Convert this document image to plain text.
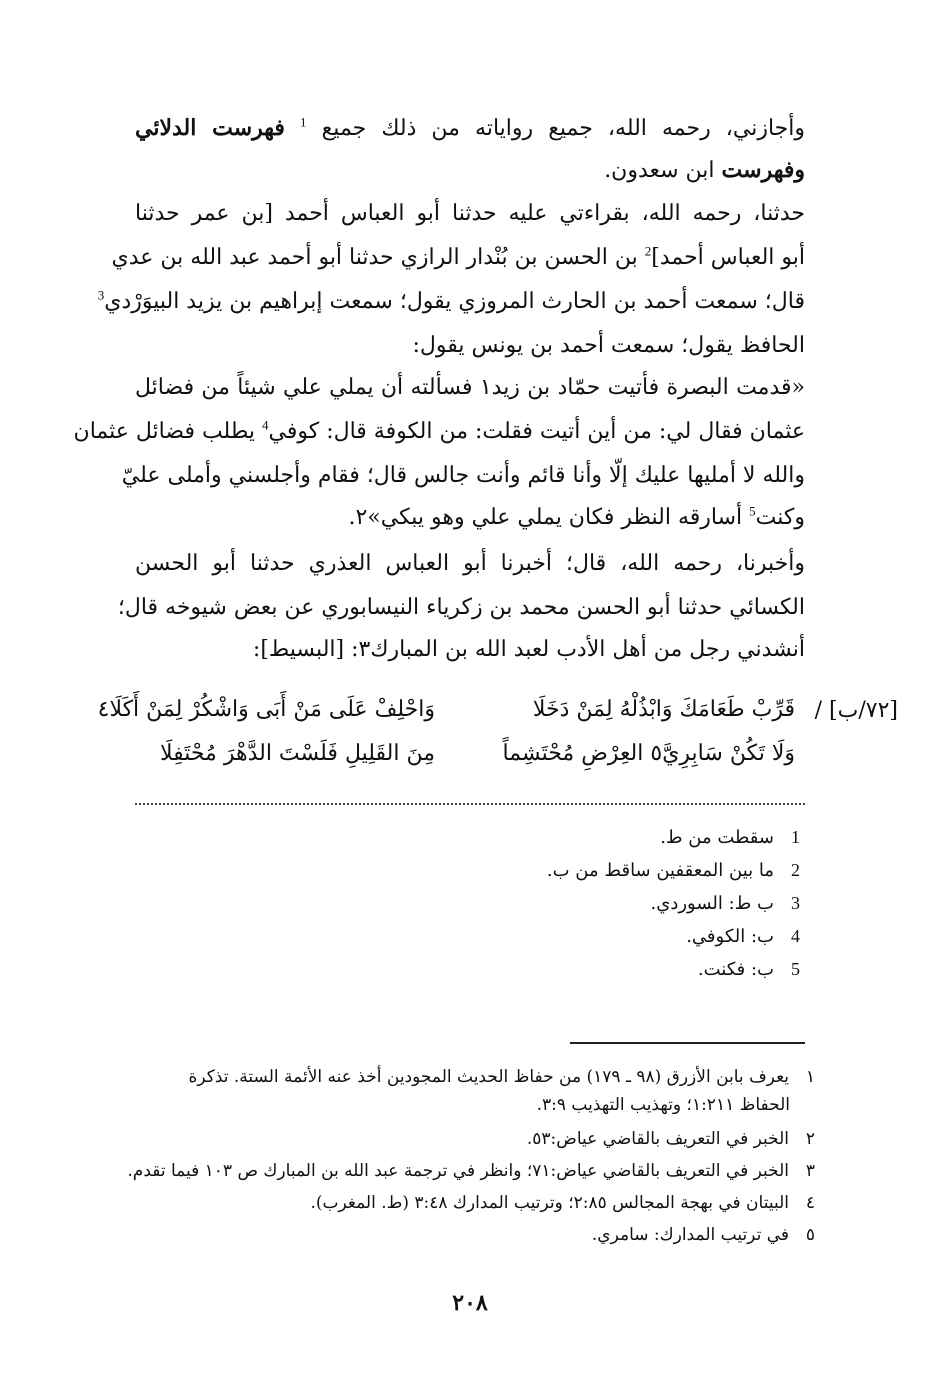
وأجازني، رحمه الله، جميع رواياته من ذلك جميع $^1$ فهرست الدلائي
وفهرست ابن سعدون.
حدثنا، رحمه الله، بقراءتي عليه حدثنا أبو العباس أحمد [بن عمر حدثنا
أبو العباس أحمد]$^2$ بن الحسن بن بُنْدار الرازي حدثنا أبو أحمد عبد الله بن عدي
قال؛ سمعت أحمد بن الحارث المروزي يقول؛ سمعت إبراهيم بن يزيد البيوَرْدي$^3$
الحافظ يقول؛ سمعت أحمد بن يونس يقول:
«قدمت البصرة فأتيت حمّاد بن زيد١ فسألته أن يملي علي شيئاً من فضائل
عثمان فقال لي: من أين أتيت فقلت: من الكوفة قال: كوفي$^4$ يطلب فضائل عثمان
والله لا أمليها عليك إلّا وأنا قائم وأنت جالس قال؛ فقام وأجلسني وأملى عليّ
وكنت$^5$ أسارقه النظر فكان يملي علي وهو يبكي»٢.
وأخبرنا، رحمه الله، قال؛ أخبرنا أبو العباس العذري حدثنا أبو الحسن
الكسائي حدثنا أبو الحسن محمد بن زكرياء النيسابوري عن بعض شيوخه قال؛
أنشدني رجل من أهل الأدب لعبد الله بن المبارك٣: [البسيط]:
[٧٢/ب] /
قَرِّبْ طَعَامَكَ وَابْذُلْهُ لِمَنْ دَخَلَا
وَاحْلِفْ عَلَى مَنْ أَبَى وَاشْكُرْ لِمَنْ أَكَلَا٤
وَلَا تَكُنْ سَابِرِيَّ٥ العِرْضِ مُحْتَشِماً
مِنَ القَلِيلِ فَلَسْتَ الدَّهْرَ مُحْتَفِلَا
1سقطت من ط.
2ما بين المعقفين ساقط من ب.
3ب ط: السوردي.
4ب: الكوفي.
5ب: فكنت.
١يعرف بابن الأزرق (٩٨ ـ ١٧٩) من حفاظ الحديث المجودين أخذ عنه الأئمة الستة. تذكرة
الحفاظ ١:٢١١؛ وتهذيب التهذيب ٣:٩.
٢الخبر في التعريف بالقاضي عياض:٥٣.
٣الخبر في التعريف بالقاضي عياض:٧١؛ وانظر في ترجمة عبد الله بن المبارك ص ١٠٣ فيما تقدم.
٤البيتان في بهجة المجالس ٢:٨٥؛ وترتيب المدارك ٣:٤٨ (ط. المغرب).
٥في ترتيب المدارك: سامري.
٢٠٨
